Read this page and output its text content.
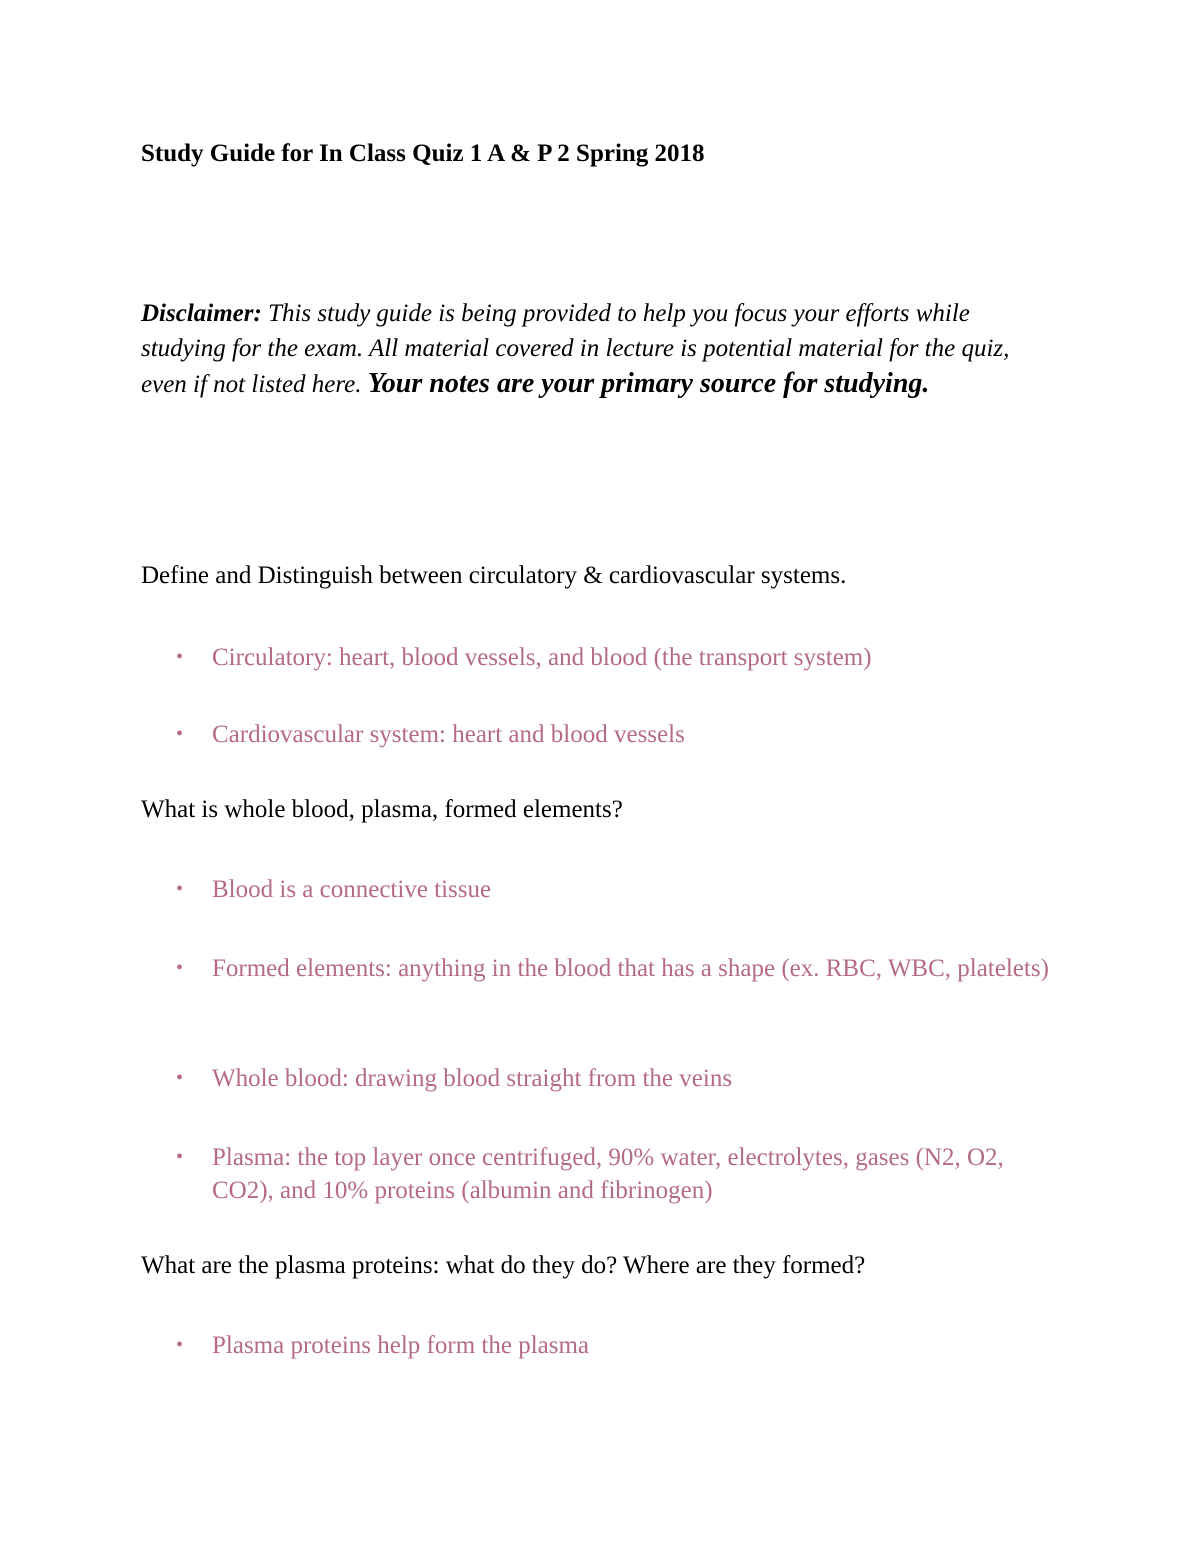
Study Guide for In Class Quiz 1 A & P 2 Spring 2018
Disclaimer: This study guide is being provided to help you focus your efforts while studying for the exam. All material covered in lecture is potential material for the quiz, even if not listed here. Your notes are your primary source for studying.
Define and Distinguish between circulatory & cardiovascular systems.
• Circulatory: heart, blood vessels, and blood (the transport system)
• Cardiovascular system: heart and blood vessels
What is whole blood, plasma, formed elements?
• Blood is a connective tissue
• Formed elements: anything in the blood that has a shape (ex. RBC, WBC, platelets)
• Whole blood: drawing blood straight from the veins
• Plasma: the top layer once centrifuged, 90% water, electrolytes, gases (N2, O2, CO2), and 10% proteins (albumin and fibrinogen)
What are the plasma proteins: what do they do? Where are they formed?
• Plasma proteins help form the plasma
